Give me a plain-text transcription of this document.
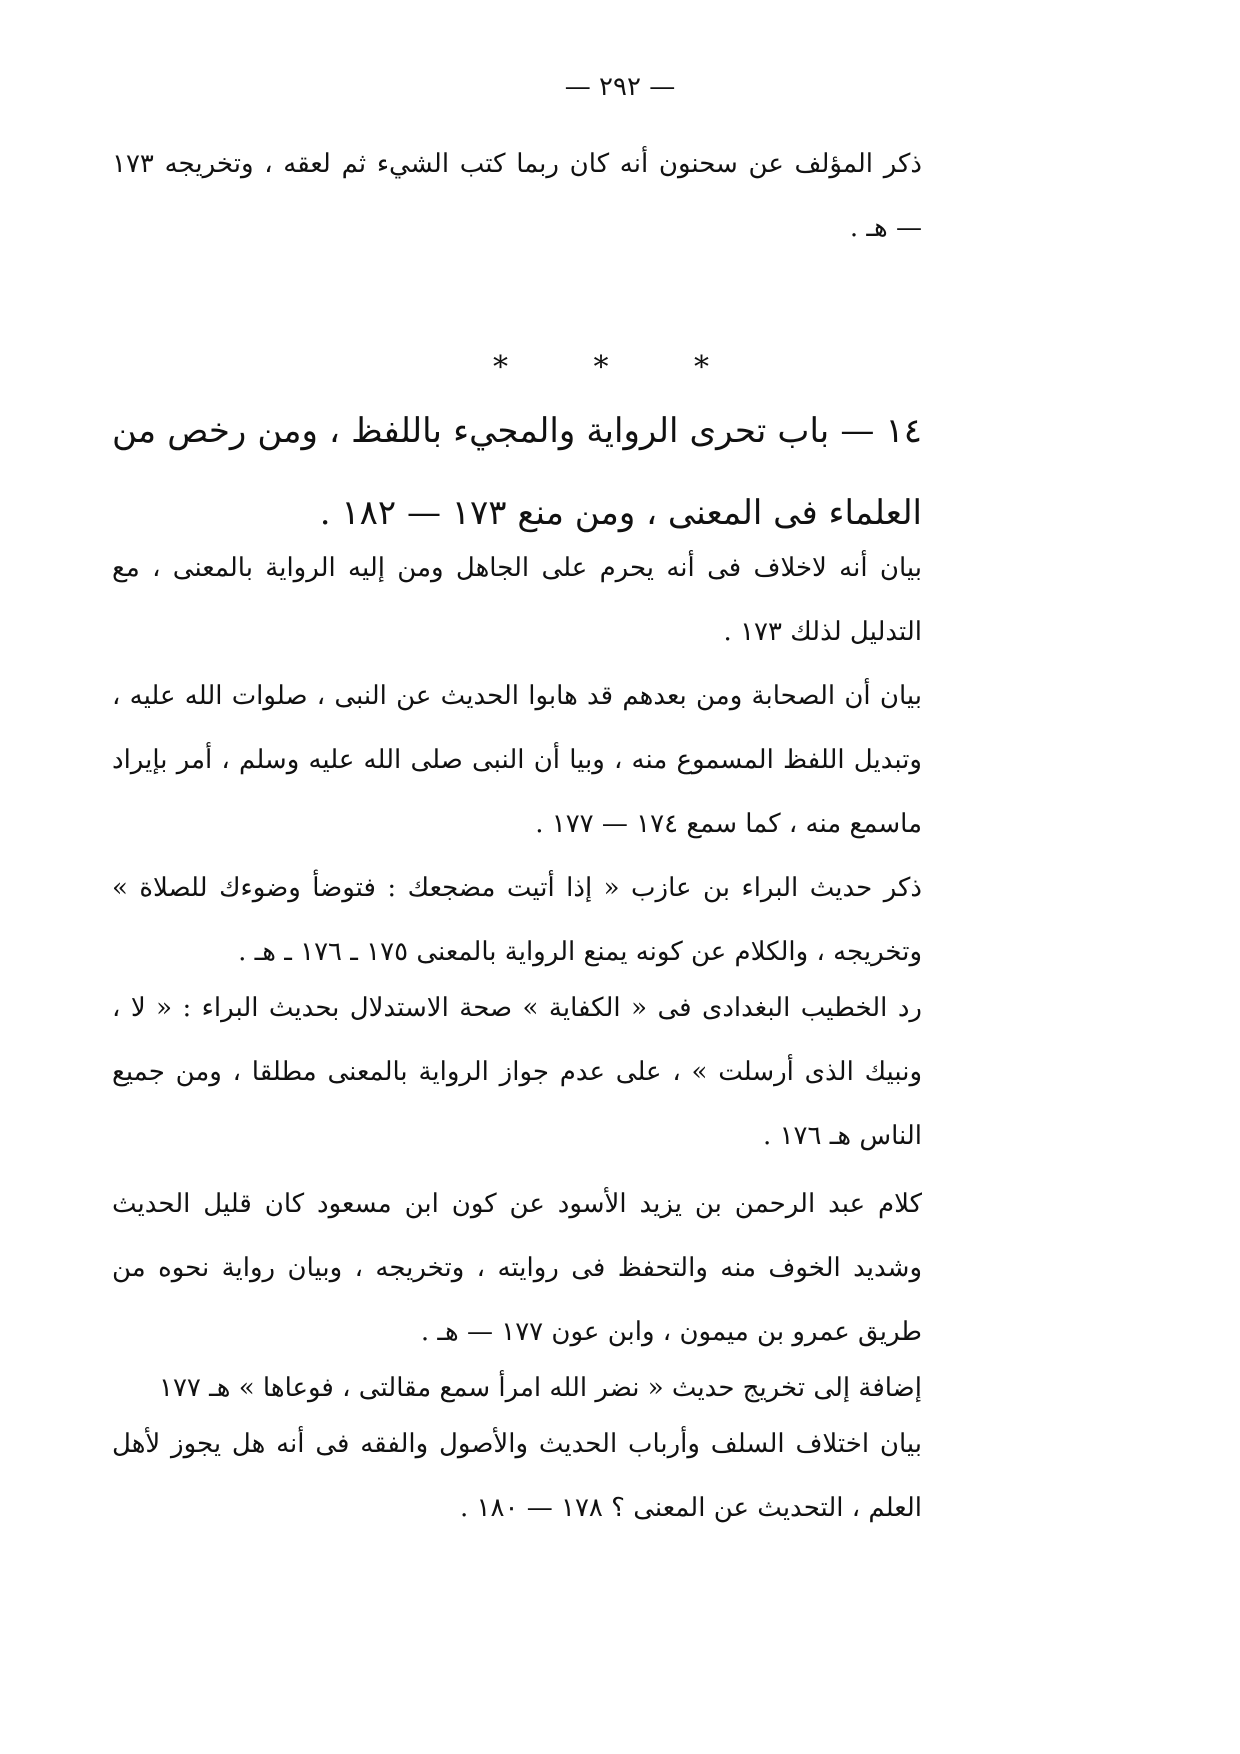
— ٢٩٢ —
ذكر المؤلف عن سحنون أنه كان ربما كتب الشيء ثم لعقه ، وتخريجه ١٧٣ — هـ .
* * *
١٤ — باب تحرى الرواية والمجيء باللفظ ، ومن رخص من العلماء فى المعنى ، ومن منع ١٧٣ — ١٨٢ .
بيان أنه لاخلاف فى أنه يحرم على الجاهل ومن إليه الرواية بالمعنى ، مع التدليل لذلك ١٧٣ .
بيان أن الصحابة ومن بعدهم قد هابوا الحديث عن النبى ، صلوات الله عليه ، وتبديل اللفظ المسموع منه ، وبيا أن النبى صلى الله عليه وسلم ، أمر بإيراد ماسمع منه ، كما سمع ١٧٤ — ١٧٧ .
ذكر حديث البراء بن عازب « إذا أتيت مضجعك : فتوضأ وضوءك للصلاة » وتخريجه ، والكلام عن كونه يمنع الرواية بالمعنى ١٧٥ ـ ١٧٦ ـ هـ .
رد الخطيب البغدادى فى « الكفاية » صحة الاستدلال بحديث البراء : « لا ، ونبيك الذى أرسلت » ، على عدم جواز الرواية بالمعنى مطلقا ، ومن جميع الناس هـ ١٧٦ .
كلام عبد الرحمن بن يزيد الأسود عن كون ابن مسعود كان قليل الحديث وشديد الخوف منه والتحفظ فى روايته ، وتخريجه ، وبيان رواية نحوه من طريق عمرو بن ميمون ، وابن عون ١٧٧ — هـ .
إضافة إلى تخريج حديث « نضر الله امرأ سمع مقالتى ، فوعاها » هـ ١٧٧
بيان اختلاف السلف وأرباب الحديث والأصول والفقه فى أنه هل يجوز لأهل العلم ، التحديث عن المعنى ؟ ١٧٨ — ١٨٠ .
